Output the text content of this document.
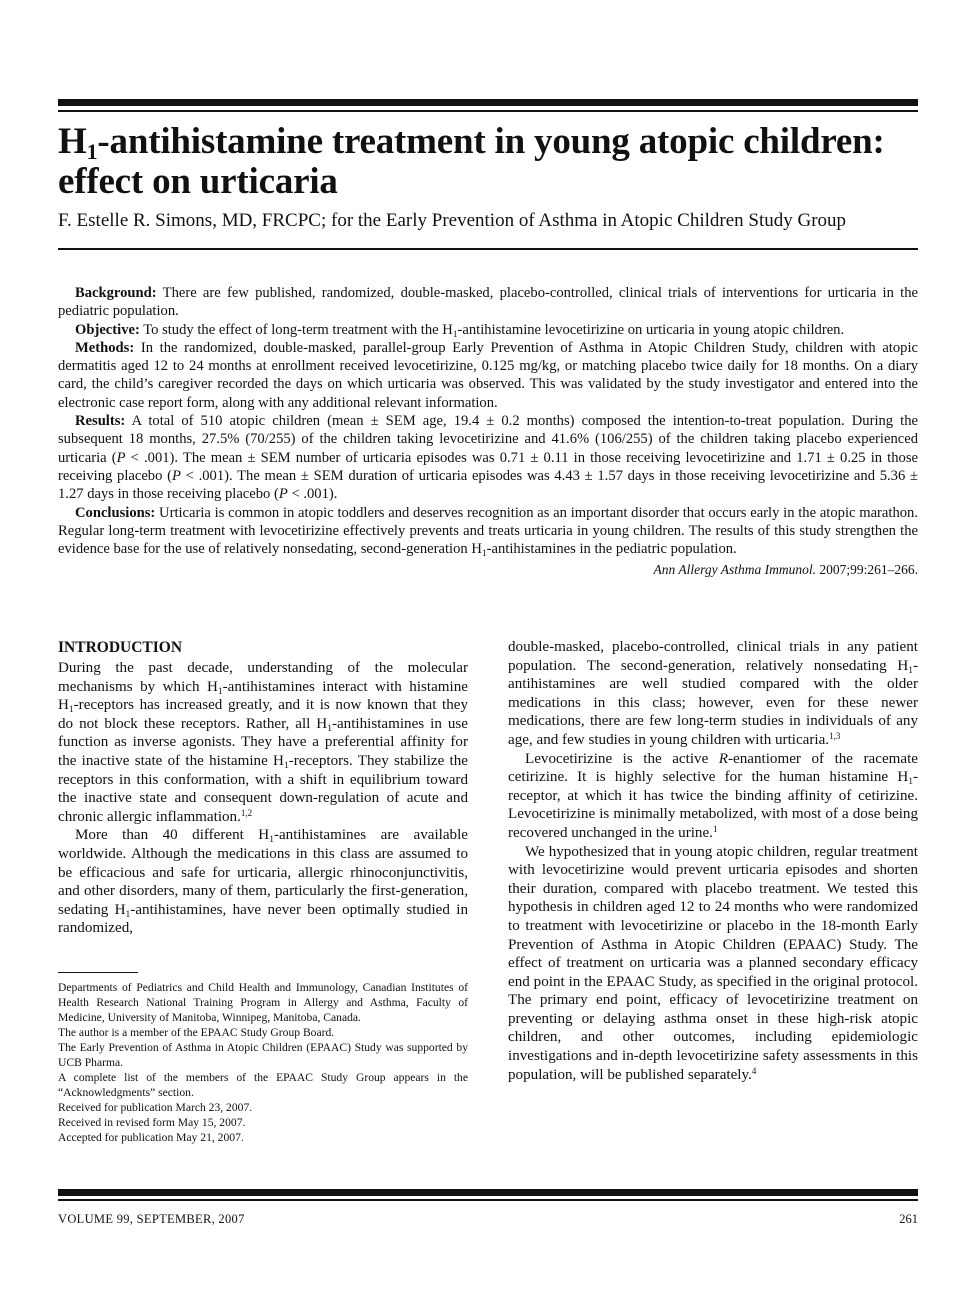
$H_1$-antihistamine treatment in young atopic children: effect on urticaria
F. Estelle R. Simons, MD, FRCPC; for the Early Prevention of Asthma in Atopic Children Study Group

Background: There are few published, randomized, double-masked, placebo-controlled, clinical trials of interventions for urticaria in the pediatric population.

Objective: To study the effect of long-term treatment with the $H_1$-antihistamine levocetirizine on urticaria in young atopic children.

Methods: In the randomized, double-masked, parallel-group Early Prevention of Asthma in Atopic Children Study, children with atopic dermatitis aged 12 to 24 months at enrollment received levocetirizine, 0.125 mg/kg, or matching placebo twice daily for 18 months. On a diary card, the child’s caregiver recorded the days on which urticaria was observed. This was validated by the study investigator and entered into the electronic case report form, along with any additional relevant information.

Results: A total of 510 atopic children (mean ± SEM age, 19.4 ± 0.2 months) composed the intention-to-treat population. During the subsequent 18 months, 27.5% (70/255) of the children taking levocetirizine and 41.6% (106/255) of the children taking placebo experienced urticaria (P < .001). The mean ± SEM number of urticaria episodes was 0.71 ± 0.11 in those receiving levocetirizine and 1.71 ± 0.25 in those receiving placebo (P < .001). The mean ± SEM duration of urticaria episodes was 4.43 ± 1.57 days in those receiving levocetirizine and 5.36 ± 1.27 days in those receiving placebo (P < .001).

Conclusions: Urticaria is common in atopic toddlers and deserves recognition as an important disorder that occurs early in the atopic marathon. Regular long-term treatment with levocetirizine effectively prevents and treats urticaria in young children. The results of this study strengthen the evidence base for the use of relatively nonsedating, second-generation $H_1$-antihistamines in the pediatric population.

Ann Allergy Asthma Immunol. 2007;99:261–266.

INTRODUCTION

During the past decade, understanding of the molecular mechanisms by which $H_1$-antihistamines interact with histamine $H_1$-receptors has increased greatly, and it is now known that they do not block these receptors. Rather, all $H_1$-antihistamines in use function as inverse agonists. They have a preferential affinity for the inactive state of the histamine $H_1$-receptors. They stabilize the receptors in this conformation, with a shift in equilibrium toward the inactive state and consequent down-regulation of acute and chronic allergic inflammation.$^{1,2}$

More than 40 different $H_1$-antihistamines are available worldwide. Although the medications in this class are assumed to be efficacious and safe for urticaria, allergic rhinoconjunctivitis, and other disorders, many of them, particularly the first-generation, sedating $H_1$-antihistamines, have never been optimally studied in randomized,

Departments of Pediatrics and Child Health and Immunology, Canadian Institutes of Health Research National Training Program in Allergy and Asthma, Faculty of Medicine, University of Manitoba, Winnipeg, Manitoba, Canada.

The author is a member of the EPAAC Study Group Board.

The Early Prevention of Asthma in Atopic Children (EPAAC) Study was supported by UCB Pharma.

A complete list of the members of the EPAAC Study Group appears in the “Acknowledgments” section.

Received for publication March 23, 2007.

Received in revised form May 15, 2007.

Accepted for publication May 21, 2007.

double-masked, placebo-controlled, clinical trials in any patient population. The second-generation, relatively nonsedating $H_1$-antihistamines are well studied compared with the older medications in this class; however, even for these newer medications, there are few long-term studies in individuals of any age, and few studies in young children with urticaria.$^{1,3}$

Levocetirizine is the active R-enantiomer of the racemate cetirizine. It is highly selective for the human histamine $H_1$-receptor, at which it has twice the binding affinity of cetirizine. Levocetirizine is minimally metabolized, with most of a dose being recovered unchanged in the urine.$^1$

We hypothesized that in young atopic children, regular treatment with levocetirizine would prevent urticaria episodes and shorten their duration, compared with placebo treatment. We tested this hypothesis in children aged 12 to 24 months who were randomized to treatment with levocetirizine or placebo in the 18-month Early Prevention of Asthma in Atopic Children (EPAAC) Study. The effect of treatment on urticaria was a planned secondary efficacy end point in the EPAAC Study, as specified in the original protocol. The primary end point, efficacy of levocetirizine treatment on preventing or delaying asthma onset in these high-risk atopic children, and other outcomes, including epidemiologic investigations and in-depth levocetirizine safety assessments in this population, will be published separately.$^4$

VOLUME 99, SEPTEMBER, 2007	261
